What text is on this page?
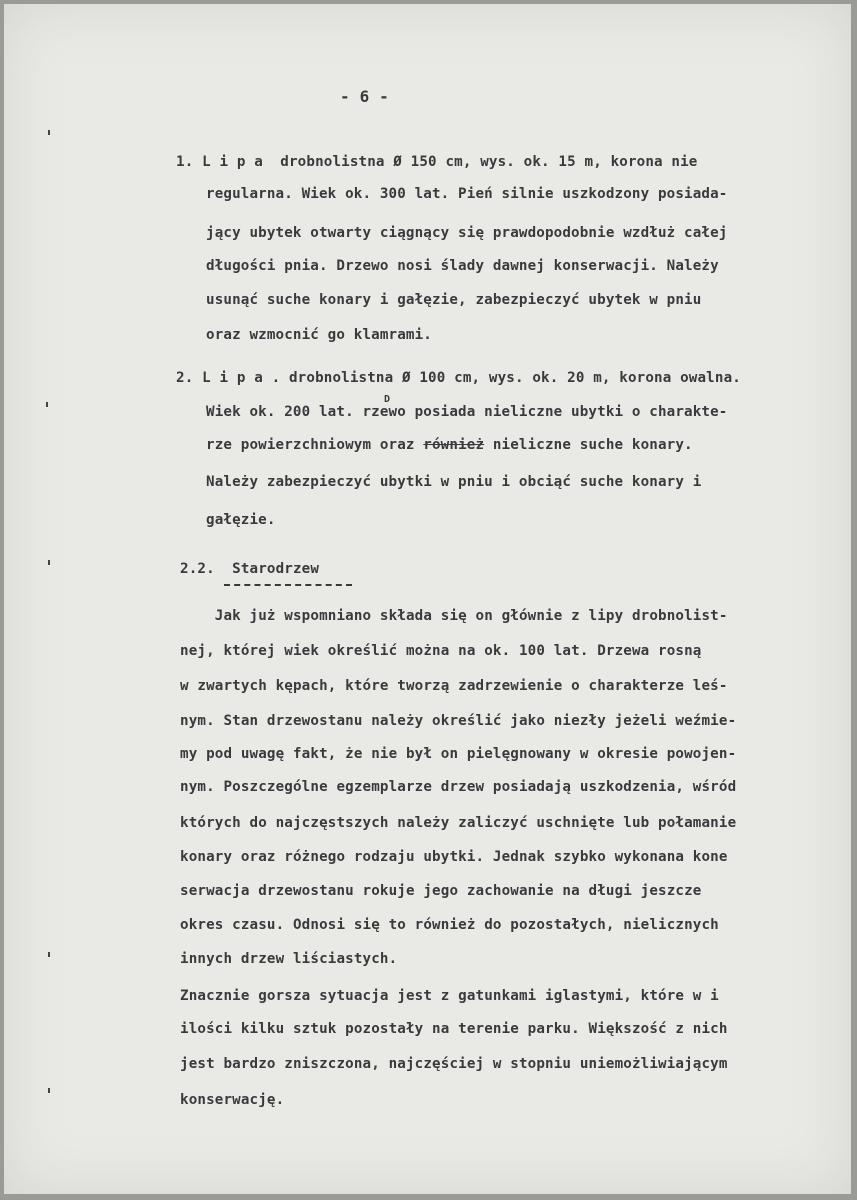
- 6 -
1. L i p a  drobnolistna Ø 150 cm, wys. ok. 15 m, korona nie
regularna. Wiek ok. 300 lat. Pień silnie uszkodzony posiada-
jący ubytek otwarty ciągnący się prawdopodobnie wzdłuż całej
długości pnia. Drzewo nosi ślady dawnej konserwacji. Należy
usunąć suche konary i gałęzie, zabezpieczyć ubytek w pniu
oraz wzmocnić go klamrami.
2. L i p a . drobnolistna Ø 100 cm, wys. ok. 20 m, korona owalna.
Wiek ok. 200 lat. rzewo posiada nieliczne ubytki o charakte-
D
rze powierzchniowym oraz również nieliczne suche konary.
Należy zabezpieczyć ubytki w pniu i obciąć suche konary i
gałęzie.
2.2.  Starodrzew
Jak już wspomniano składa się on głównie z lipy drobnolist-
nej, której wiek określić można na ok. 100 lat. Drzewa rosną
w zwartych kępach, które tworzą zadrzewienie o charakterze leś-
nym. Stan drzewostanu należy określić jako niezły jeżeli weźmie-
my pod uwagę fakt, że nie był on pielęgnowany w okresie powojen-
nym. Poszczególne egzemplarze drzew posiadają uszkodzenia, wśród
których do najczęstszych należy zaliczyć uschnięte lub połamanie
konary oraz różnego rodzaju ubytki. Jednak szybko wykonana kone
serwacja drzewostanu rokuje jego zachowanie na długi jeszcze
okres czasu. Odnosi się to również do pozostałych, nielicznych
innych drzew liściastych.
Znacznie gorsza sytuacja jest z gatunkami iglastymi, które w i
ilości kilku sztuk pozostały na terenie parku. Większość z nich
jest bardzo zniszczona, najczęściej w stopniu uniemożliwiającym
konserwację.
